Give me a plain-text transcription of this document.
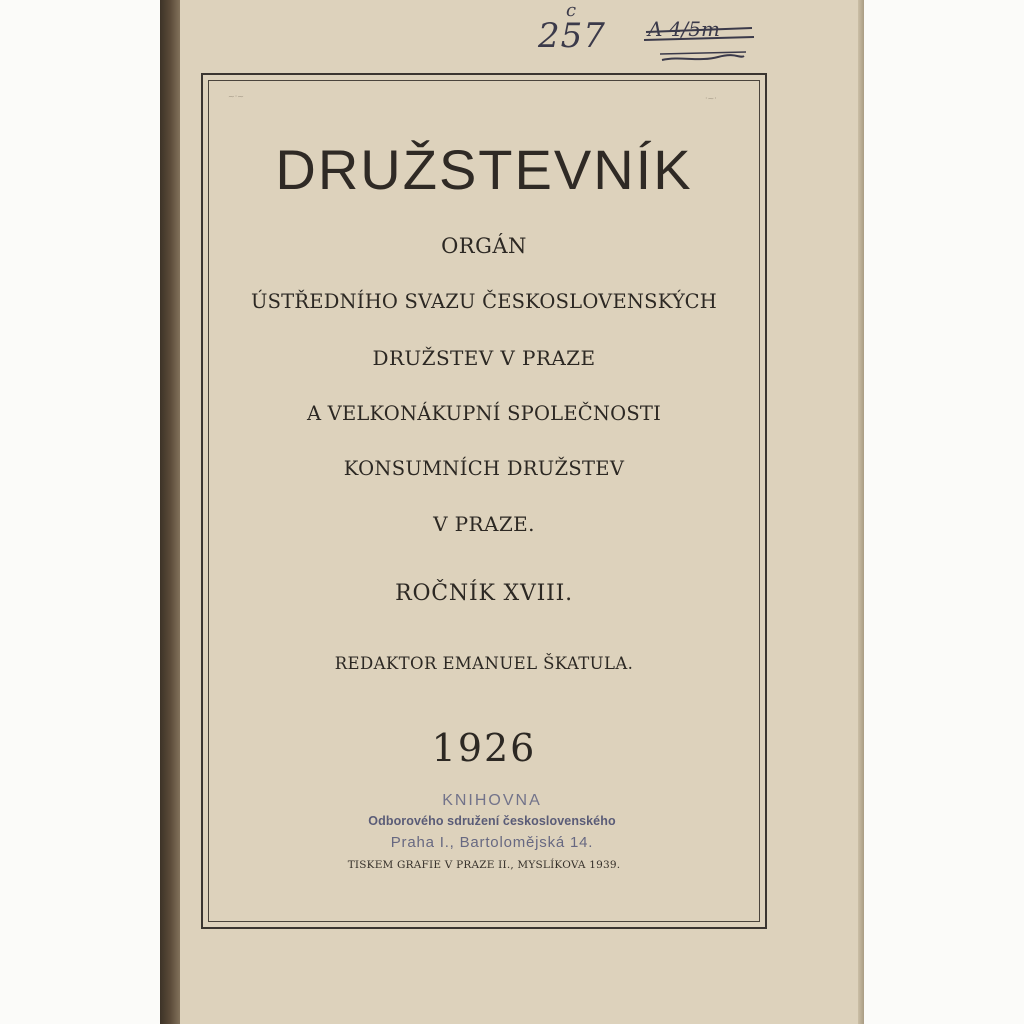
c
257 A 4/5m
~·~	·~·
DRUŽSTEVNÍK
ORGÁN
ÚSTŘEDNÍHO SVAZU ČESKOSLOVENSKÝCH
DRUŽSTEV V PRAZE
A VELKONÁKUPNÍ SPOLEČNOSTI
KONSUMNÍCH DRUŽSTEV
V PRAZE.
ROČNÍK XVIII.
REDAKTOR EMANUEL ŠKATULA.
1926
KNIHOVNA
Odborového sdružení československého
Praha I., Bartolomějská 14.
TISKEM GRAFIE V PRAZE II., MYSLÍKOVA 1939.
